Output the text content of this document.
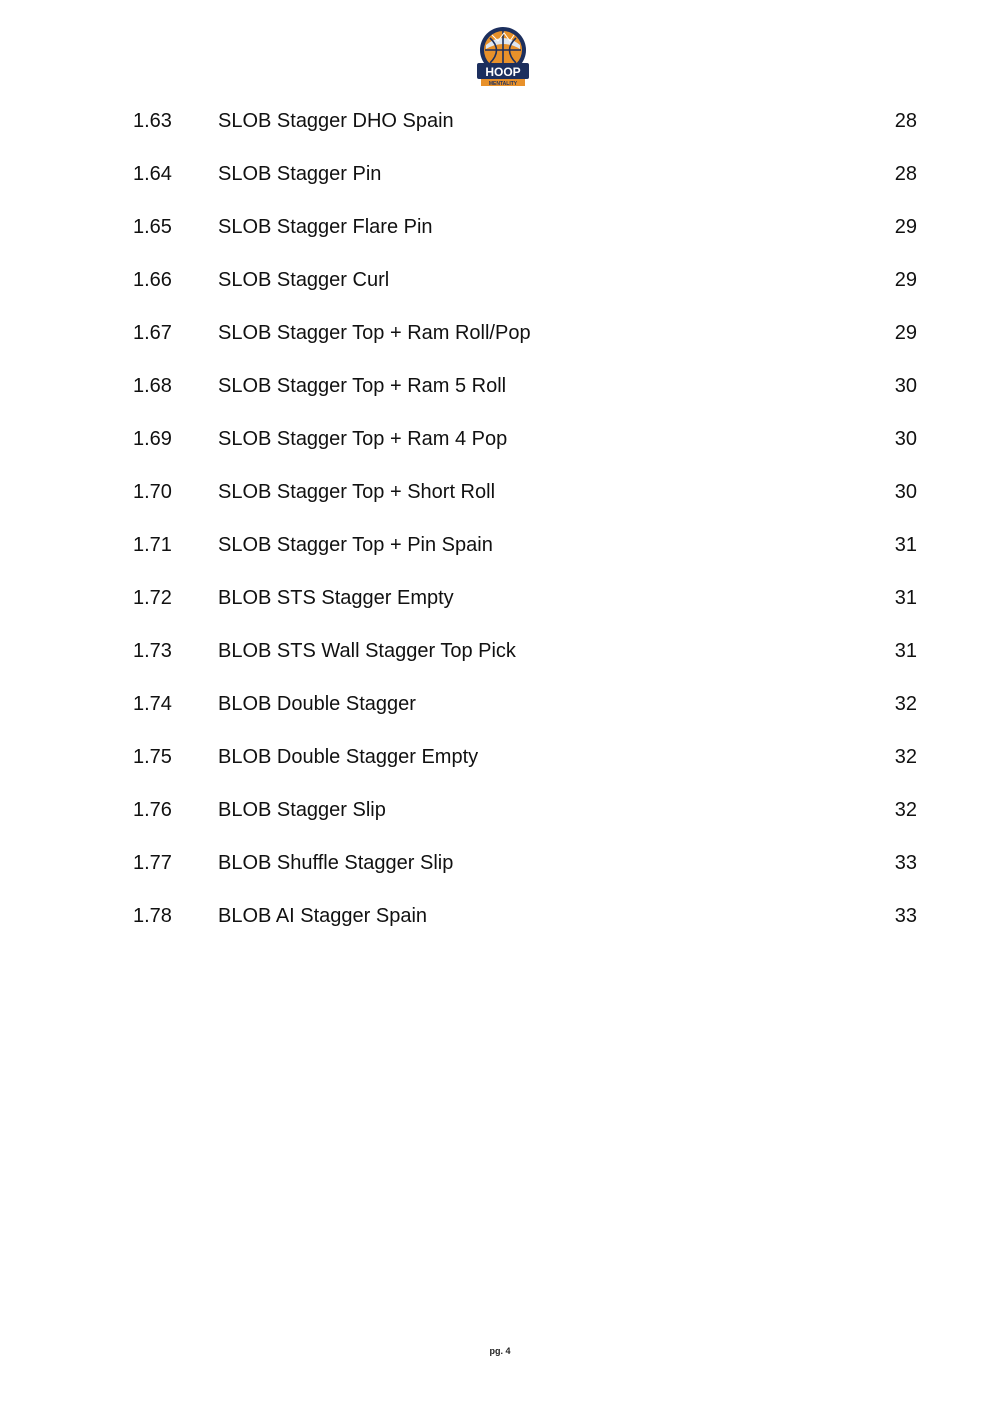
HOOP
MENTALITY
1.63 SLOB Stagger DHO Spain	28
1.64 SLOB Stagger Pin	28
1.65 SLOB Stagger Flare Pin	29
1.66 SLOB Stagger Curl	29
1.67 SLOB Stagger Top + Ram Roll/Pop	29
1.68 SLOB Stagger Top + Ram 5 Roll	30
1.69 SLOB Stagger Top + Ram 4 Pop	30
1.70 SLOB Stagger Top + Short Roll	30
1.71 SLOB Stagger Top + Pin Spain	31
1.72 BLOB STS Stagger Empty	31
1.73 BLOB STS Wall Stagger Top Pick	31
1.74 BLOB Double Stagger	32
1.75 BLOB Double Stagger Empty	32
1.76 BLOB Stagger Slip	32
1.77 BLOB Shuffle Stagger Slip	33
1.78 BLOB AI Stagger Spain	33
pg. 4
